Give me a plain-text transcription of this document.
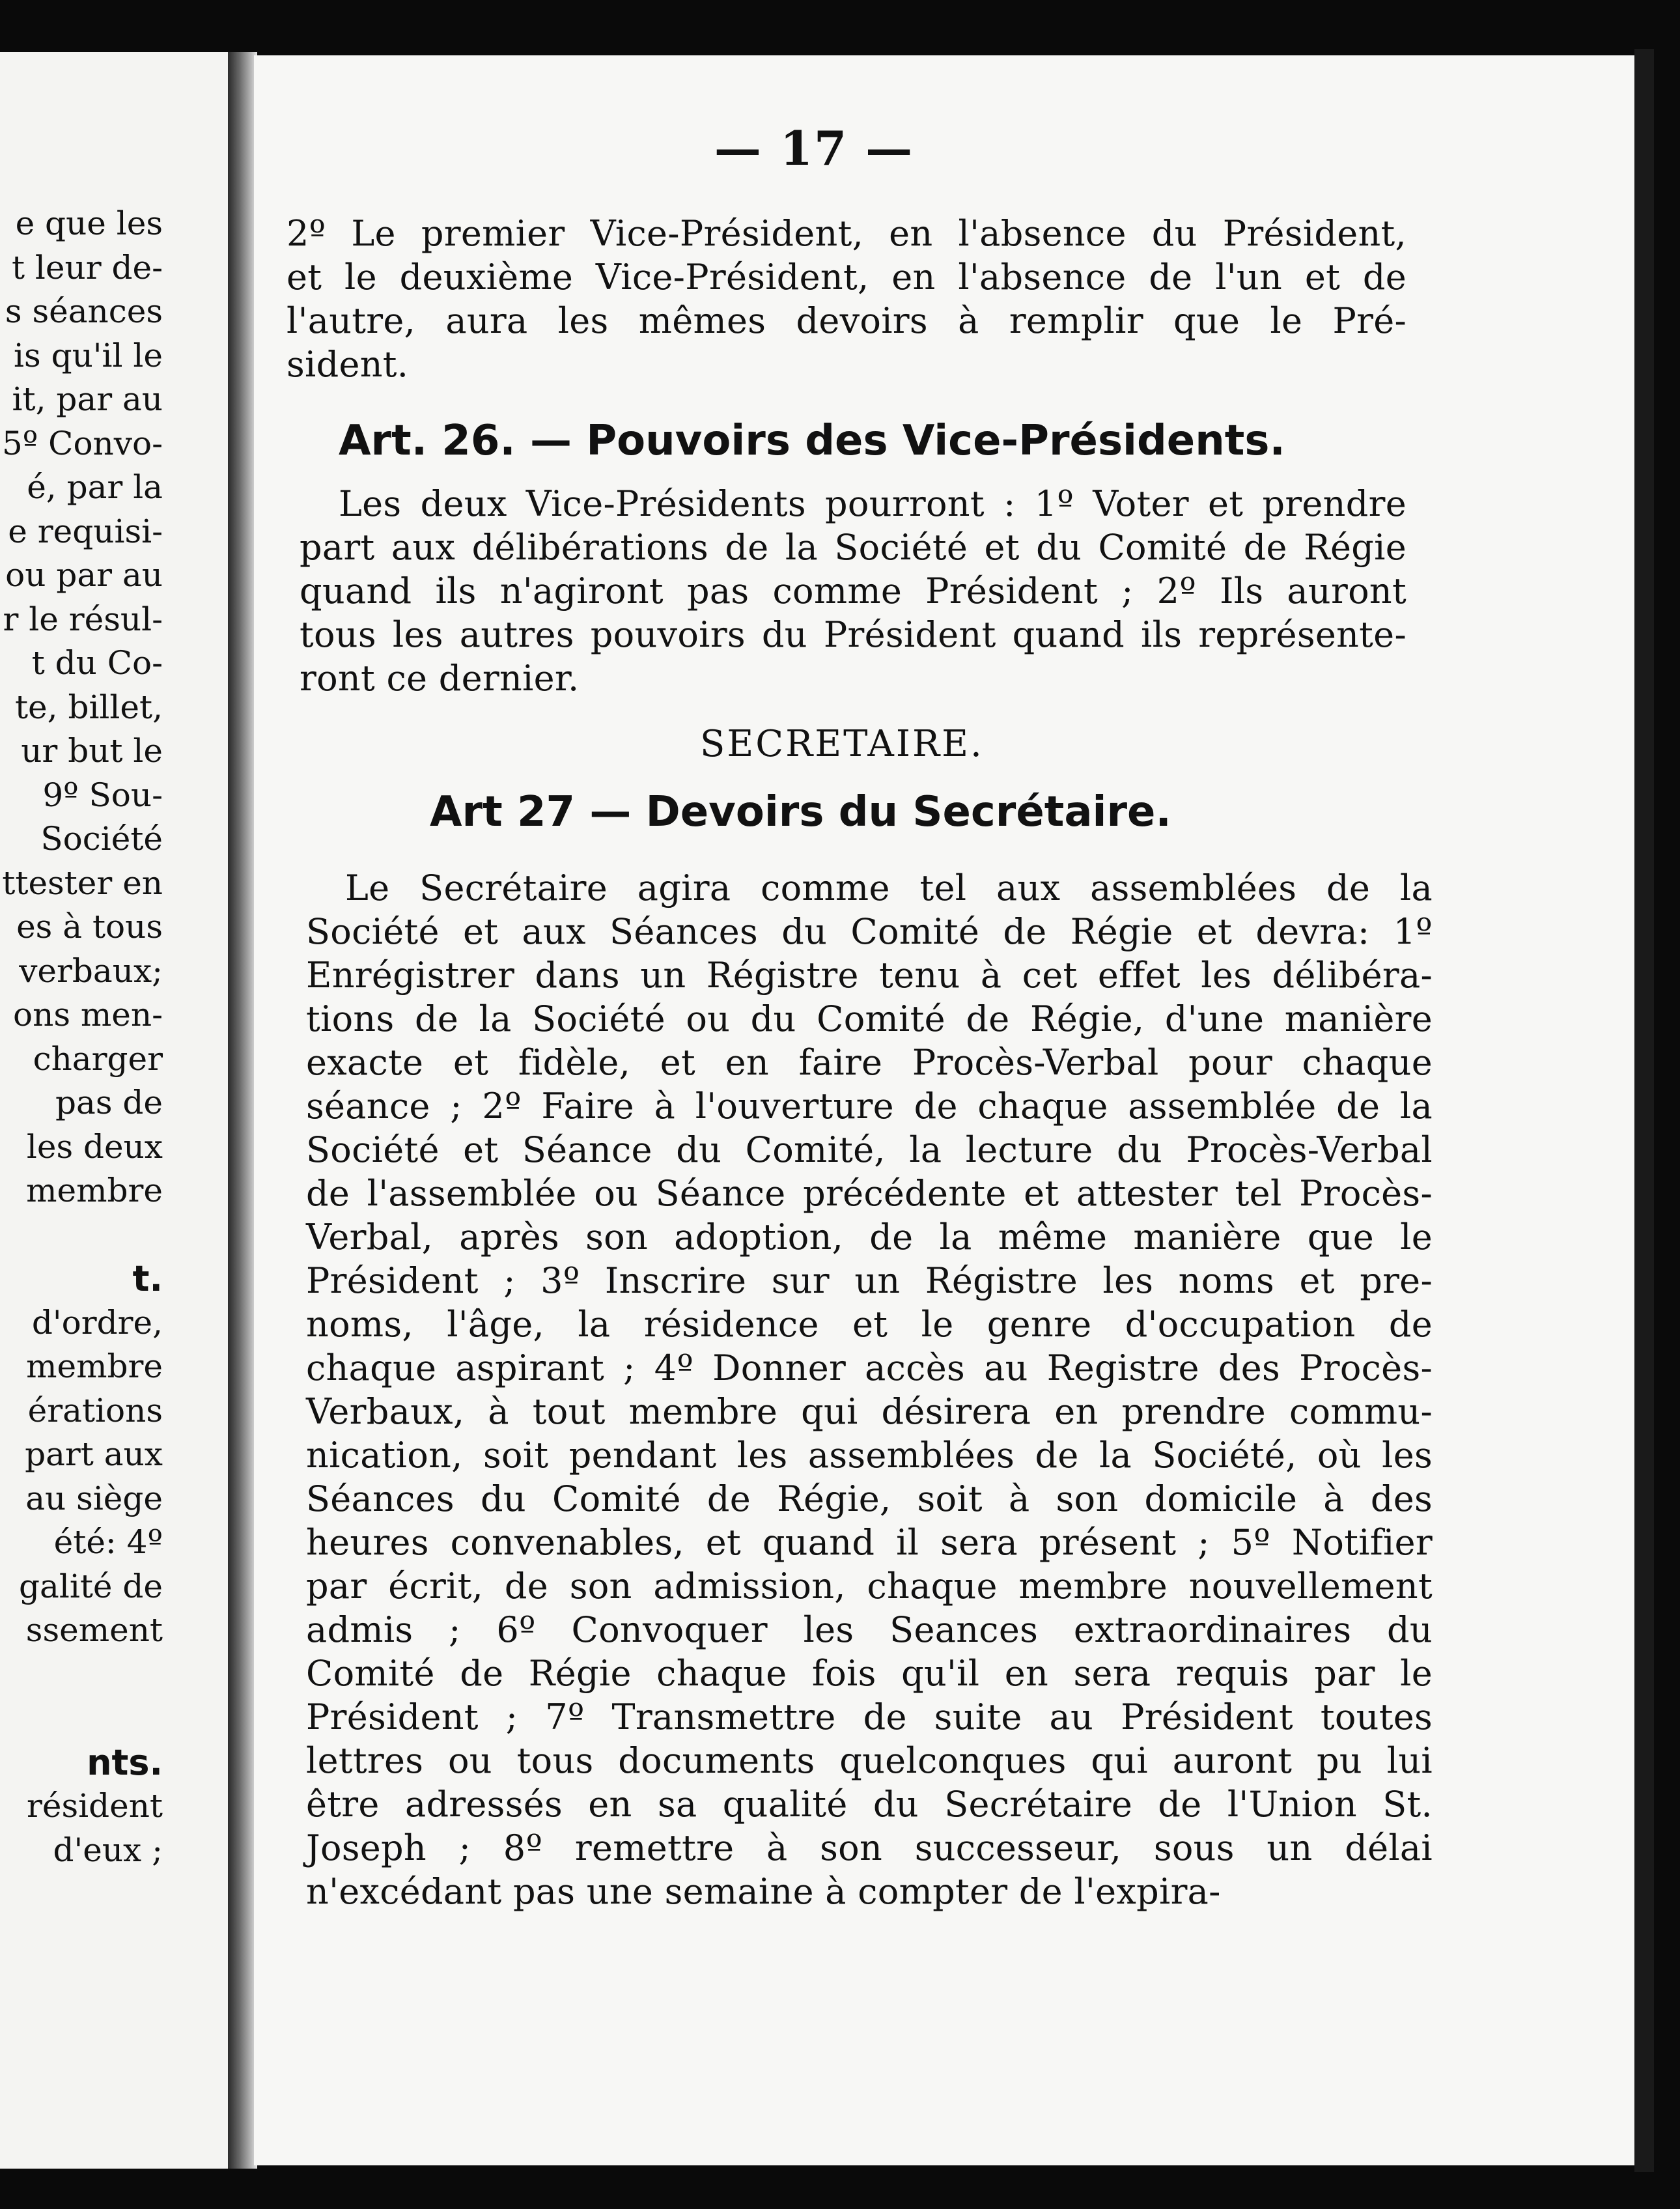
e que les
t leur de-
s séances
is qu'il le
it, par au
5º Convo-
é, par la
e requisi-
ou par au
r le résul-
t du Co-
te, billet,
ur but le
9º Sou-
Société
ttester en
es à tous
verbaux;
ons men-
charger
pas de
les deux
membre
t.
d'ordre,
membre
érations
part aux
au siège
été: 4º
galité de
ssement
nts.
résident
d'eux ;
— 17 —
2º Le premier Vice-Président, en l'absence du Président,
et le deuxième Vice-Président, en l'absence de l'un et de
l'autre, aura les mêmes devoirs à remplir que le Pré-
sident.
Art. 26. — Pouvoirs des Vice-Présidents.
Les deux Vice-Présidents pourront : 1º Voter et prendre
part aux délibérations de la Société et du Comité de Régie
quand ils n'agiront pas comme Président ; 2º Ils auront
tous les autres pouvoirs du Président quand ils représente-
ront ce dernier.
SECRETAIRE.
Art 27 — Devoirs du Secrétaire.
Le Secrétaire agira comme tel aux assemblées de la
Société et aux Séances du Comité de Régie et devra: 1º
Enrégistrer dans un Régistre tenu à cet effet les délibéra-
tions de la Société ou du Comité de Régie, d'une manière
exacte et fidèle, et en faire Procès-Verbal pour chaque
séance ; 2º Faire à l'ouverture de chaque assemblée de la
Société et Séance du Comité, la lecture du Procès-Verbal
de l'assemblée ou Séance précédente et attester tel Procès-
Verbal, après son adoption, de la même manière que le
Président ; 3º Inscrire sur un Régistre les noms et pre-
noms, l'âge, la résidence et le genre d'occupation de
chaque aspirant ; 4º Donner accès au Registre des Procès-
Verbaux, à tout membre qui désirera en prendre commu-
nication, soit pendant les assemblées de la Société, où les
Séances du Comité de Régie, soit à son domicile à des
heures convenables, et quand il sera présent ; 5º Notifier
par écrit, de son admission, chaque membre nouvellement
admis ; 6º Convoquer les Seances extraordinaires du
Comité de Régie chaque fois qu'il en sera requis par le
Président ; 7º Transmettre de suite au Président toutes
lettres ou tous documents quelconques qui auront pu lui
être adressés en sa qualité du Secrétaire de l'Union St.
Joseph ; 8º remettre à son successeur, sous un délai
n'excédant pas une semaine à compter de l'expira-
